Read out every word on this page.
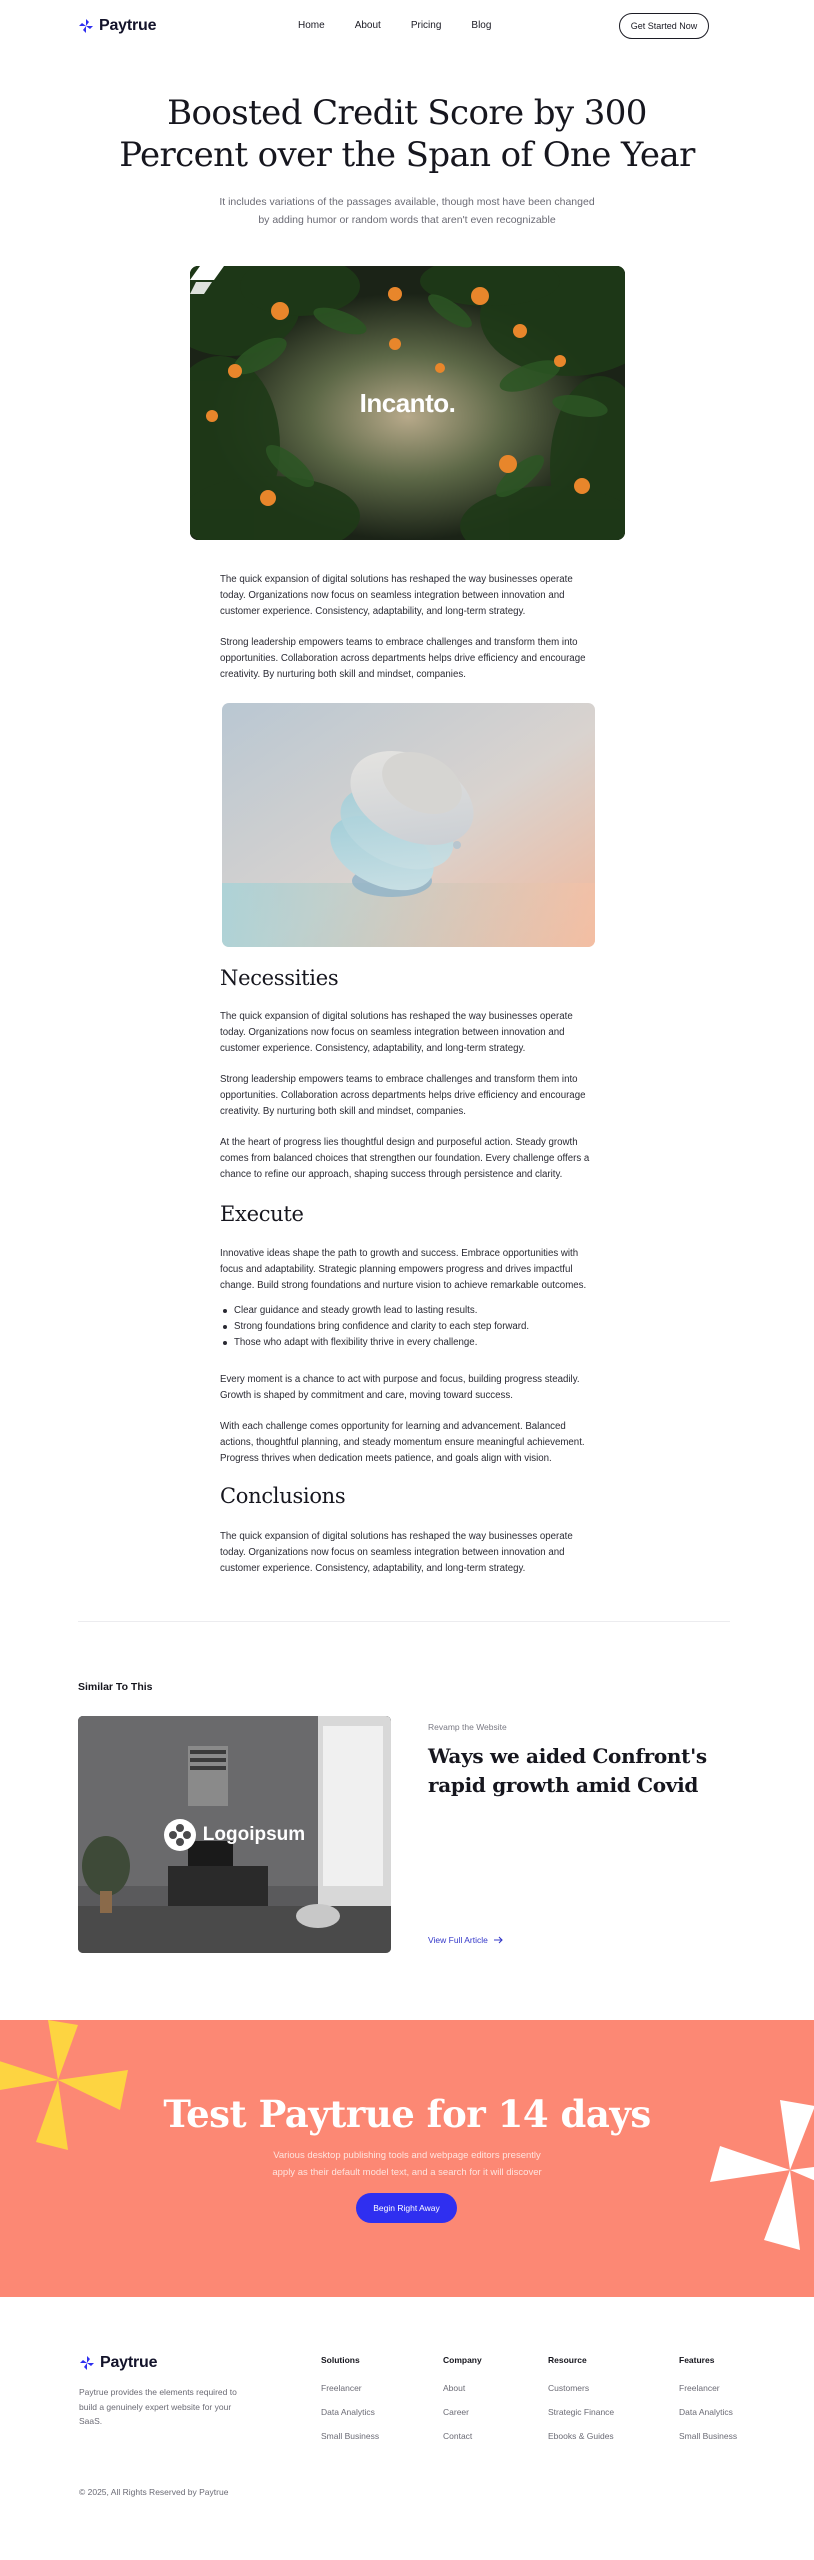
Paytrue	Home	About	Pricing	Blog	Get Started Now
Boosted Credit Score by 300 Percent over the Span of One Year

It includes variations of the passages available, though most have been changed by adding humor or random words that aren't even recognizable

Incanto.

The quick expansion of digital solutions has reshaped the way businesses operate today. Organizations now focus on seamless integration between innovation and customer experience. Consistency, adaptability, and long-term strategy.

Strong leadership empowers teams to embrace challenges and transform them into opportunities. Collaboration across departments helps drive efficiency and encourage creativity. By nurturing both skill and mindset, companies.

Necessities

The quick expansion of digital solutions has reshaped the way businesses operate today. Organizations now focus on seamless integration between innovation and customer experience. Consistency, adaptability, and long-term strategy.

Strong leadership empowers teams to embrace challenges and transform them into opportunities. Collaboration across departments helps drive efficiency and encourage creativity. By nurturing both skill and mindset, companies.

At the heart of progress lies thoughtful design and purposeful action. Steady growth comes from balanced choices that strengthen our foundation. Every challenge offers a chance to refine our approach, shaping success through persistence and clarity.

Execute

Innovative ideas shape the path to growth and success. Embrace opportunities with focus and adaptability. Strategic planning empowers progress and drives impactful change. Build strong foundations and nurture vision to achieve remarkable outcomes.

Clear guidance and steady growth lead to lasting results.
Strong foundations bring confidence and clarity to each step forward.
Those who adapt with flexibility thrive in every challenge.

Every moment is a chance to act with purpose and focus, building progress steadily. Growth is shaped by commitment and care, moving toward success.

With each challenge comes opportunity for learning and advancement. Balanced actions, thoughtful planning, and steady momentum ensure meaningful achievement. Progress thrives when dedication meets patience, and goals align with vision.

Conclusions

The quick expansion of digital solutions has reshaped the way businesses operate today. Organizations now focus on seamless integration between innovation and customer experience. Consistency, adaptability, and long-term strategy.

Similar To This
Logoipsum
Revamp the Website
Ways we aided Confront's rapid growth amid Covid
View Full Article
Test Paytrue for 14 days

Various desktop publishing tools and webpage editors presently apply as their default model text, and a search for it will discover

Begin Right Away
Paytrue

Paytrue provides the elements required to build a genuinely expert website for your SaaS.

Solutions
Freelancer
Data Analytics
Small Business
Company
About
Career
Contact
Resource
Customers
Strategic Finance
Ebooks & Guides
Features
Freelancer
Data Analytics
Small Business

© 2025, All Rights Reserved by Paytrue
